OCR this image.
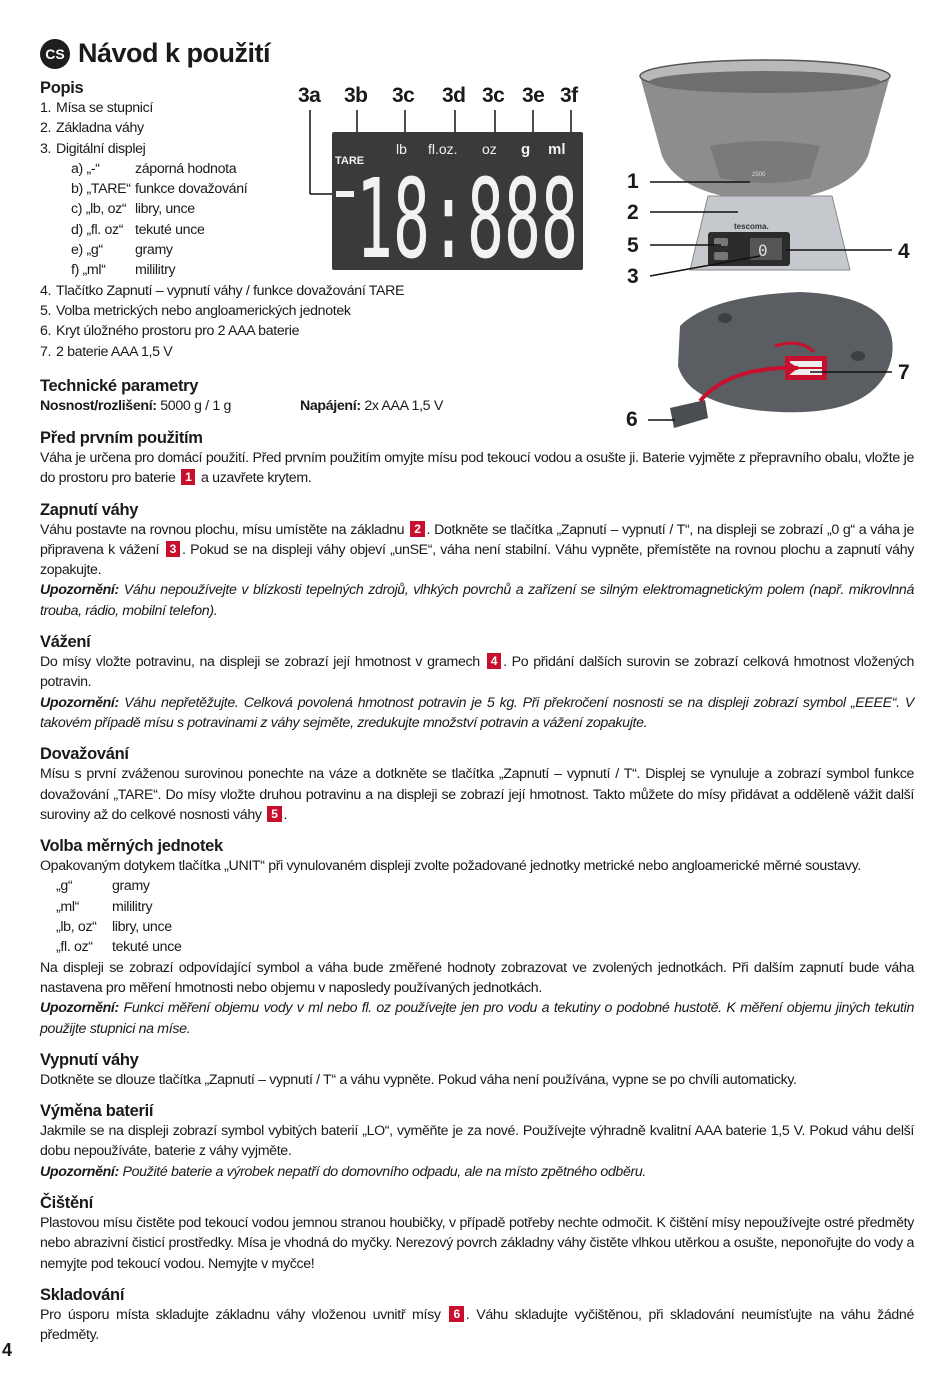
CS Návod k použití
Popis
1. Mísa se stupnicí
2. Základna váhy
3. Digitální displej
a) „-“	záporná hodnota
b) „TARE“ funkce dovažování
c) „lb, oz“ libry, unce
d) „fl. oz“ tekuté unce
e) „g“	gramy
f) „ml“	mililitry
4. Tlačítko Zapnutí – vypnutí váhy / funkce dovažování TARE
5. Volba metrických nebo angloamerických jednotek
6. Kryt úložného prostoru pro 2 AAA baterie
7. 2 baterie AAA 1,5 V
3a 3b 3c 3d 3c 3e 3f
TARE
lb fl.oz. oz g ml
18:888	2500
0
tescoma.
1
2
5
3
4
7
6
Technické parametry
Nosnost/rozlišení: 5000 g / 1 g	Napájení: 2x AAA 1,5 V
Před prvním použitím

Váha je určena pro domácí použití. Před prvním použitím omyjte mísu pod tekoucí vodou a osušte ji. Baterie vyjměte z přepravního obalu, vložte je do prostoru pro baterie 1 a uzavřete krytem.

Zapnutí váhy

Váhu postavte na rovnou plochu, mísu umístěte na základnu 2 . Dotkněte se tlačítka „Zapnutí – vypnutí / T“, na displeji se zobrazí „0 g“ a váha je připravena k vážení 3 . Pokud se na displeji váhy objeví „unSE“, váha není stabilní. Váhu vypněte, přemístěte na rovnou plochu a zapnutí váhy zopakujte.

Upozornění: Váhu nepoužívejte v blízkosti tepelných zdrojů, vlhkých povrchů a zařízení se silným elektromagnetickým polem (např. mikrovlnná trouba, rádio, mobilní telefon).

Vážení

Do mísy vložte potravinu, na displeji se zobrazí její hmotnost v gramech 4 . Po přidání dalších surovin se zobrazí celková hmotnost vložených potravin.

Upozornění: Váhu nepřetěžujte. Celková povolená hmotnost potravin je 5 kg. Při překročení nosnosti se na displeji zobrazí symbol „EEEE“. V takovém případě mísu s potravinami z váhy sejměte, zredukujte množství potravin a vážení zopakujte.

Dovažování

Mísu s první zváženou surovinou ponechte na váze a dotkněte se tlačítka „Zapnutí – vypnutí / T“. Displej se vynuluje a zobrazí symbol funkce dovažování „TARE“. Do mísy vložte druhou potravinu a na displeji se zobrazí její hmotnost. Takto můžete do mísy přidávat a odděleně vážit další suroviny až do celkové nosnosti váhy 5 .

Volba měrných jednotek

Opakovaným dotykem tlačítka „UNIT“ při vynulovaném displeji zvolte požadované jednotky metrické nebo angloamerické měrné soustavy.

„g“	gramy
„ml“	mililitry
„lb, oz“	libry, unce
„fl. oz“	tekuté unce

Na displeji se zobrazí odpovídající symbol a váha bude změřené hodnoty zobrazovat ve zvolených jednotkách. Při dalším zapnutí bude váha nastavena pro měření hmotnosti nebo objemu v naposledy používaných jednotkách.

Upozornění: Funkci měření objemu vody v ml nebo fl. oz používejte jen pro vodu a tekutiny o podobné hustotě. K měření objemu jiných tekutin použijte stupnici na míse.

Vypnutí váhy

Dotkněte se dlouze tlačítka „Zapnutí – vypnutí / T“ a váhu vypněte. Pokud váha není používána, vypne se po chvíli automaticky.

Výměna baterií

Jakmile se na displeji zobrazí symbol vybitých baterií „LO“, vyměňte je za nové. Používejte výhradně kvalitní AAA baterie 1,5 V. Pokud váhu delší dobu nepoužíváte, baterie z váhy vyjměte.

Upozornění: Použité baterie a výrobek nepatří do domovního odpadu, ale na místo zpětného odběru.

Čištění

Plastovou mísu čistěte pod tekoucí vodou jemnou stranou houbičky, v případě potřeby nechte odmočit. K čištění mísy nepoužívejte ostré předměty nebo abrazivní čisticí prostředky. Mísa je vhodná do myčky. Nerezový povrch základny váhy čistěte vlhkou utěrkou a osušte, neponořujte do vody a nemyjte pod tekoucí vodou. Nemyjte v myčce!

Skladování

Pro úsporu místa skladujte základnu váhy vloženou uvnitř mísy 6 . Váhu skladujte vyčištěnou, při skladování neumísťujte na váhu žádné předměty.

4
